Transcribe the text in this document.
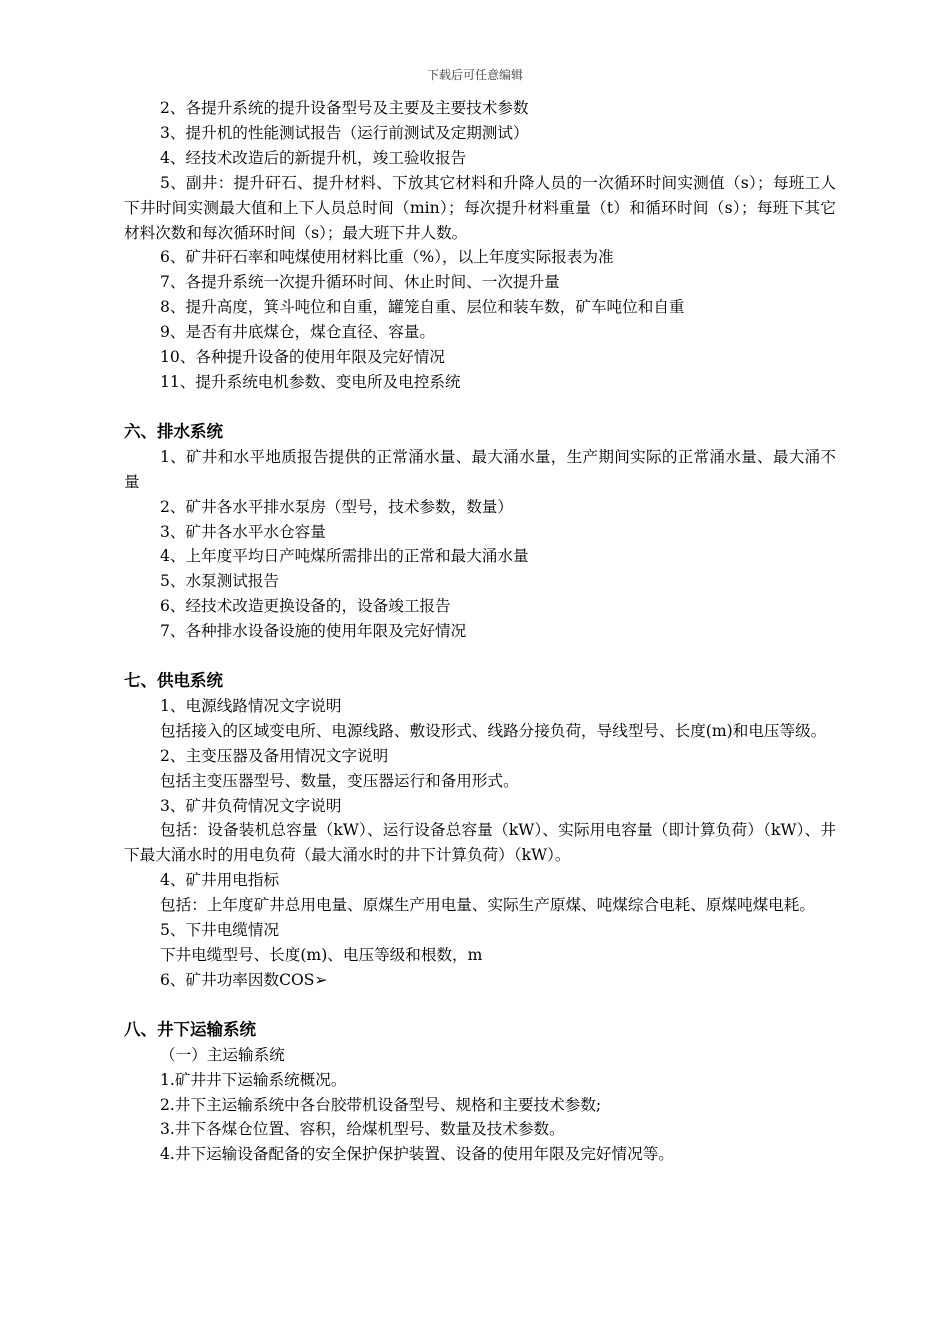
下载后可任意编辑

2、各提升系统的提升设备型号及主要及主要技术参数

3、提升机的性能测试报告（运行前测试及定期测试）

4、经技术改造后的新提升机，竣工验收报告

5、副井：提升矸石、提升材料、下放其它材料和升降人员的一次循环时间实测值（s）；每班工人下井时间实测最大值和上下人员总时间（min）；每次提升材料重量（t）和循环时间（s）；每班下其它材料次数和每次循环时间（s）；最大班下井人数。

6、矿井矸石率和吨煤使用材料比重（%），以上年度实际报表为准

7、各提升系统一次提升循环时间、休止时间、一次提升量

8、提升高度，箕斗吨位和自重，罐笼自重、层位和装车数，矿车吨位和自重

9、是否有井底煤仓，煤仓直径、容量。

10、各种提升设备的使用年限及完好情况

11、提升系统电机参数、变电所及电控系统

六、排水系统

1、矿井和水平地质报告提供的正常涌水量、最大涌水量，生产期间实际的正常涌水量、最大涌不量

2、矿井各水平排水泵房（型号，技术参数，数量）

3、矿井各水平水仓容量

4、上年度平均日产吨煤所需排出的正常和最大涌水量

5、水泵测试报告

6、经技术改造更换设备的，设备竣工报告

7、各种排水设备设施的使用年限及完好情况

七、供电系统

1、电源线路情况文字说明

包括接入的区域变电所、电源线路、敷设形式、线路分接负荷，导线型号、长度(m)和电压等级。

2、主变压器及备用情况文字说明

包括主变压器型号、数量，变压器运行和备用形式。

3、矿井负荷情况文字说明

包括：设备装机总容量（kW）、运行设备总容量（kW）、实际用电容量（即计算负荷）（kW）、井下最大涌水时的用电负荷（最大涌水时的井下计算负荷）（kW）。

4、矿井用电指标

包括：上年度矿井总用电量、原煤生产用电量、实际生产原煤、吨煤综合电耗、原煤吨煤电耗。

5、下井电缆情况

下井电缆型号、长度(m)、电压等级和根数，m

6、矿井功率因数COS➢

八、井下运输系统

（一）主运输系统

1.矿井井下运输系统概况。

2.井下主运输系统中各台胶带机设备型号、规格和主要技术参数;

3.井下各煤仓位置、容积，给煤机型号、数量及技术参数。

4.井下运输设备配备的安全保护保护装置、设备的使用年限及完好情况等。
